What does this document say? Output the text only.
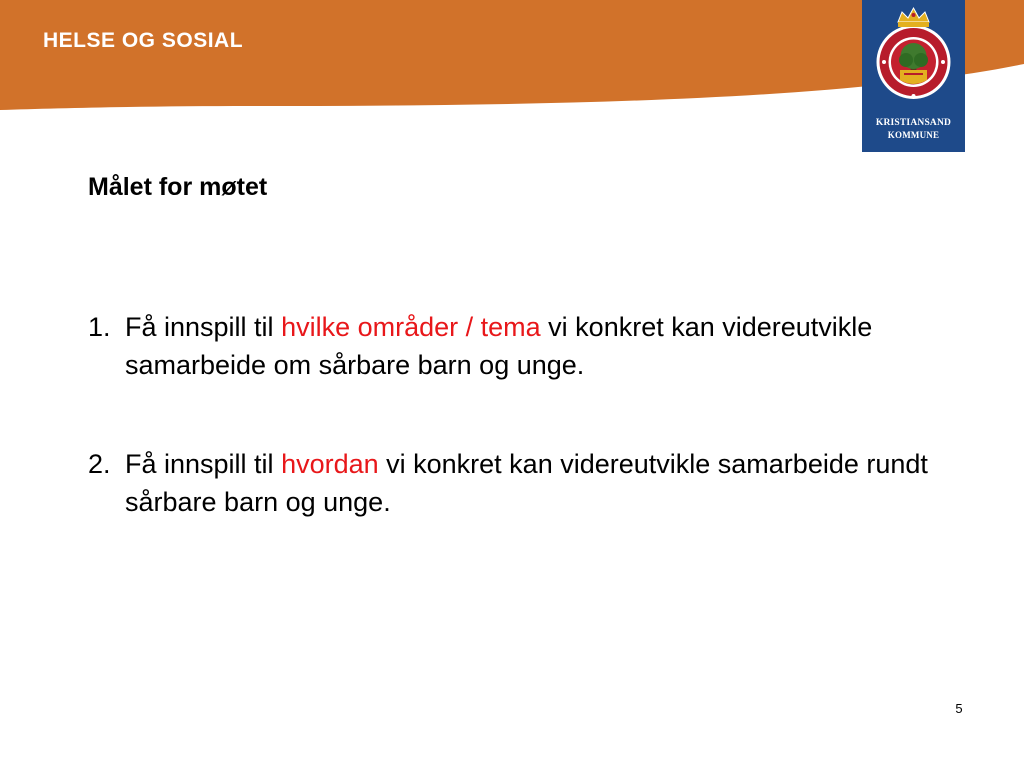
HELSE OG SOSIAL
KRISTIANSAND
KOMMUNE
Målet for møtet
1. Få innspill til hvilke områder / tema vi konkret kan videreutvikle samarbeide om sårbare barn og unge.
2. Få innspill til hvordan vi konkret kan videreutvikle samarbeide rundt sårbare barn og unge.
5
